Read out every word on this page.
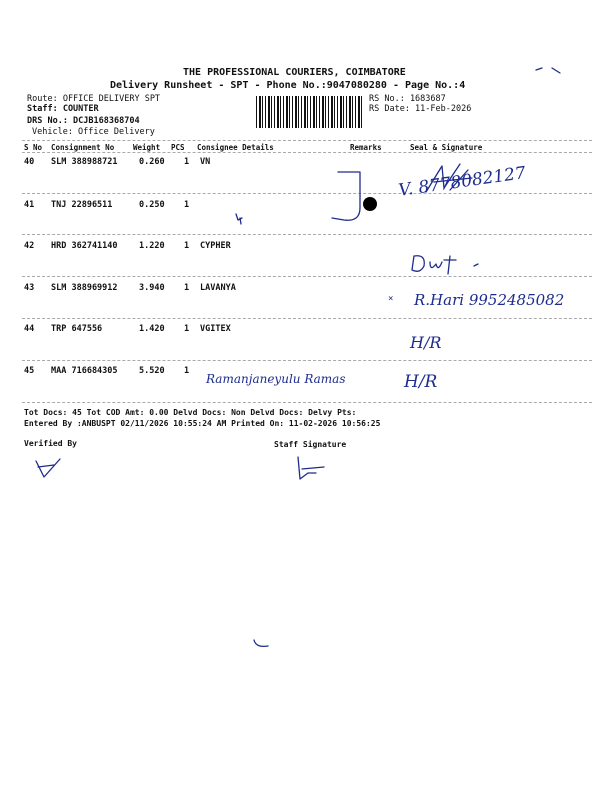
THE PROFESSIONAL COURIERS, COIMBATORE
Delivery Runsheet - SPT - Phone No.:9047080280 - Page No.:4
Route: OFFICE DELIVERY SPT
Staff: COUNTER
DRS No.: DCJB168368704
Vehicle: Office Delivery
RS No.: 1683687
RS Date: 11-Feb-2026
S No Consignment No	Weight PCS Consignee Details	Remarks	Seal & Signature
40 SLM 388988721	0.260 1 VN
41 TNJ 22896511	0.250 1
42 HRD 362741140	1.220 1 CYPHER
43 SLM 388969912	3.940 1 LAVANYA
44 TRP 647556	1.420 1 VGITEX
45 MAA 716684305	5.520 1
Tot Docs: 45 Tot COD Amt: 0.00 Delvd Docs: Non Delvd Docs: Delvy Pts:
Entered By :ANBUSPT 02/11/2026 10:55:24 AM Printed On: 11-02-2026 10:56:25
Verified By	Staff Signature
V. 8778082127
× R.Hari 9952485082
H/R
H/R
Ramanjaneyulu Ramas
